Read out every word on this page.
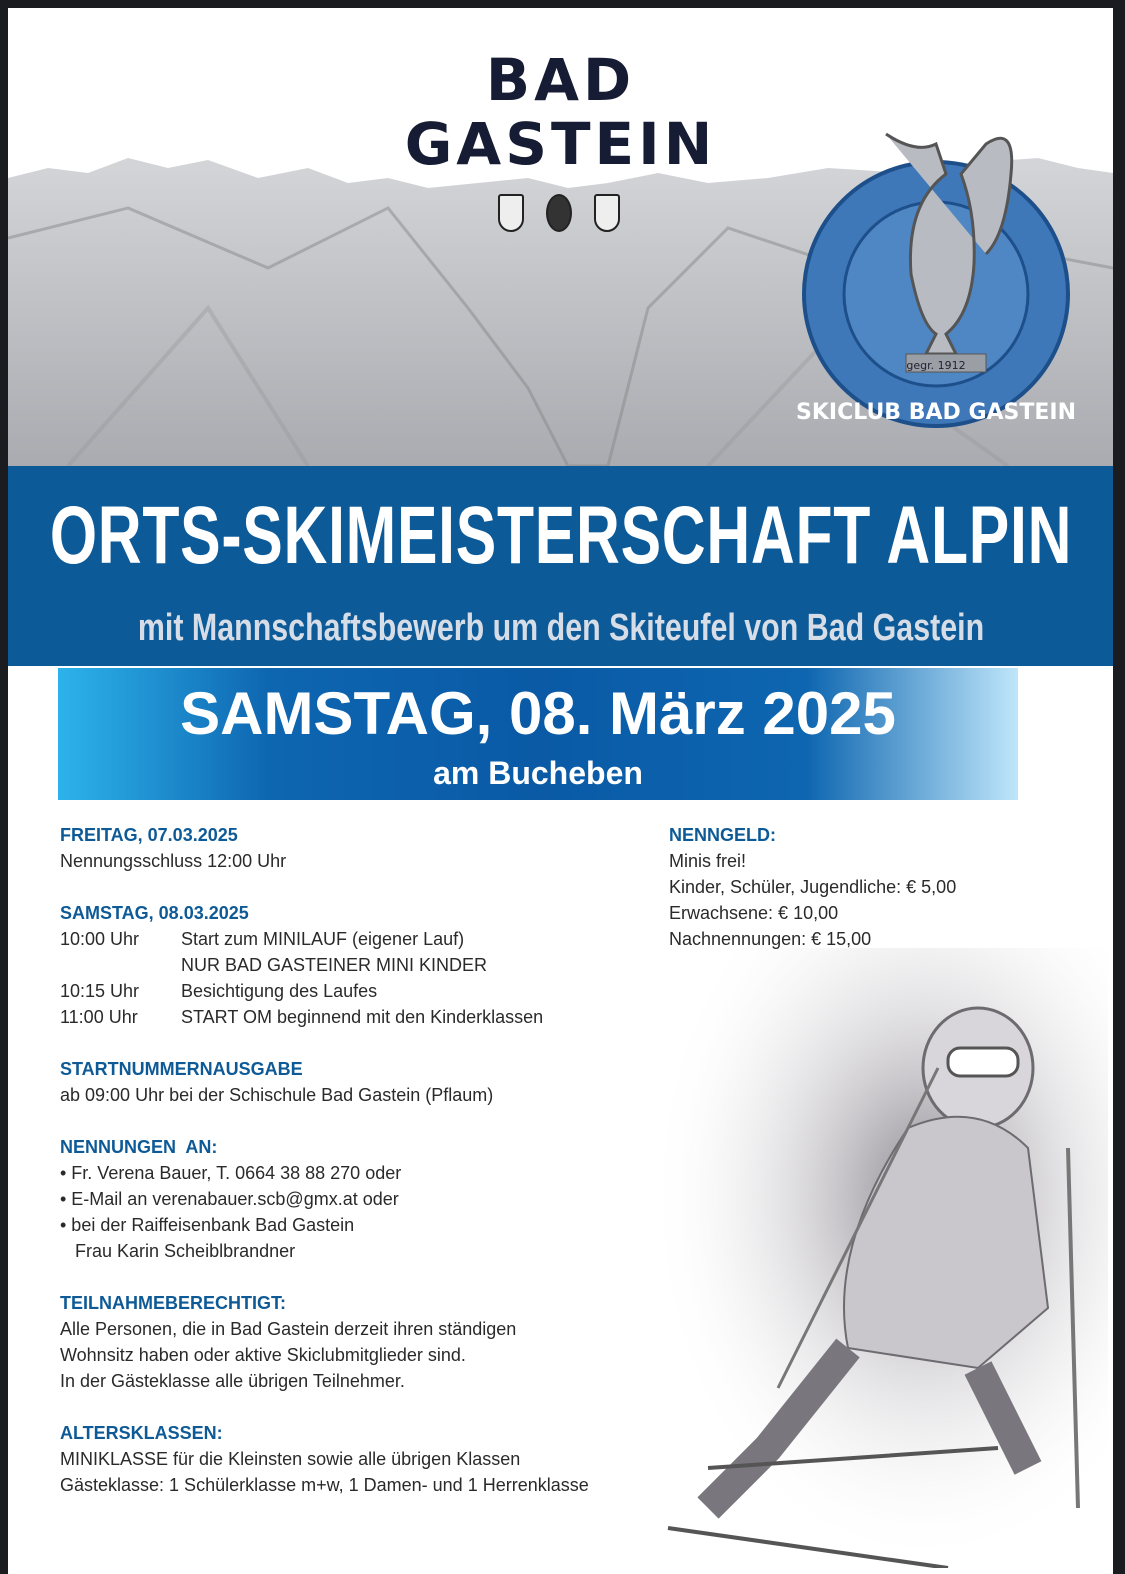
BAD
GASTEIN
gegr. 1912
SKICLUB BAD GASTEIN
ORTS-SKIMEISTERSCHAFT ALPIN
mit Mannschaftsbewerb um den Skiteufel von Bad Gastein
SAMSTAG, 08. März 2025
am Bucheben
FREITAG, 07.03.2025
Nennungsschluss 12:00 Uhr
SAMSTAG, 08.03.2025
10:00 Uhr	Start zum MINILAUF (eigener Lauf)
NUR BAD GASTEINER MINI KINDER
10:15 Uhr	Besichtigung des Laufes
11:00 Uhr	START OM beginnend mit den Kinderklassen
STARTNUMMERNAUSGABE
ab 09:00 Uhr bei der Schischule Bad Gastein (Pflaum)
NENNUNGEN  AN:
• Fr. Verena Bauer, T. 0664 38 88 270 oder
• E-Mail an verenabauer.scb@gmx.at oder
• bei der Raiffeisenbank Bad Gastein
Frau Karin Scheiblbrandner
TEILNAHMEBERECHTIGT:
Alle Personen, die in Bad Gastein derzeit ihren ständigen
Wohnsitz haben oder aktive Skiclubmitglieder sind.
In der Gästeklasse alle übrigen Teilnehmer.
ALTERSKLASSEN:
MINIKLASSE für die Kleinsten sowie alle übrigen Klassen
Gästeklasse: 1 Schülerklasse m+w, 1 Damen- und 1 Herrenklasse
NENNGELD:
Minis frei!
Kinder, Schüler, Jugendliche: € 5,00
Erwachsene: € 10,00
Nachnennungen: € 15,00
